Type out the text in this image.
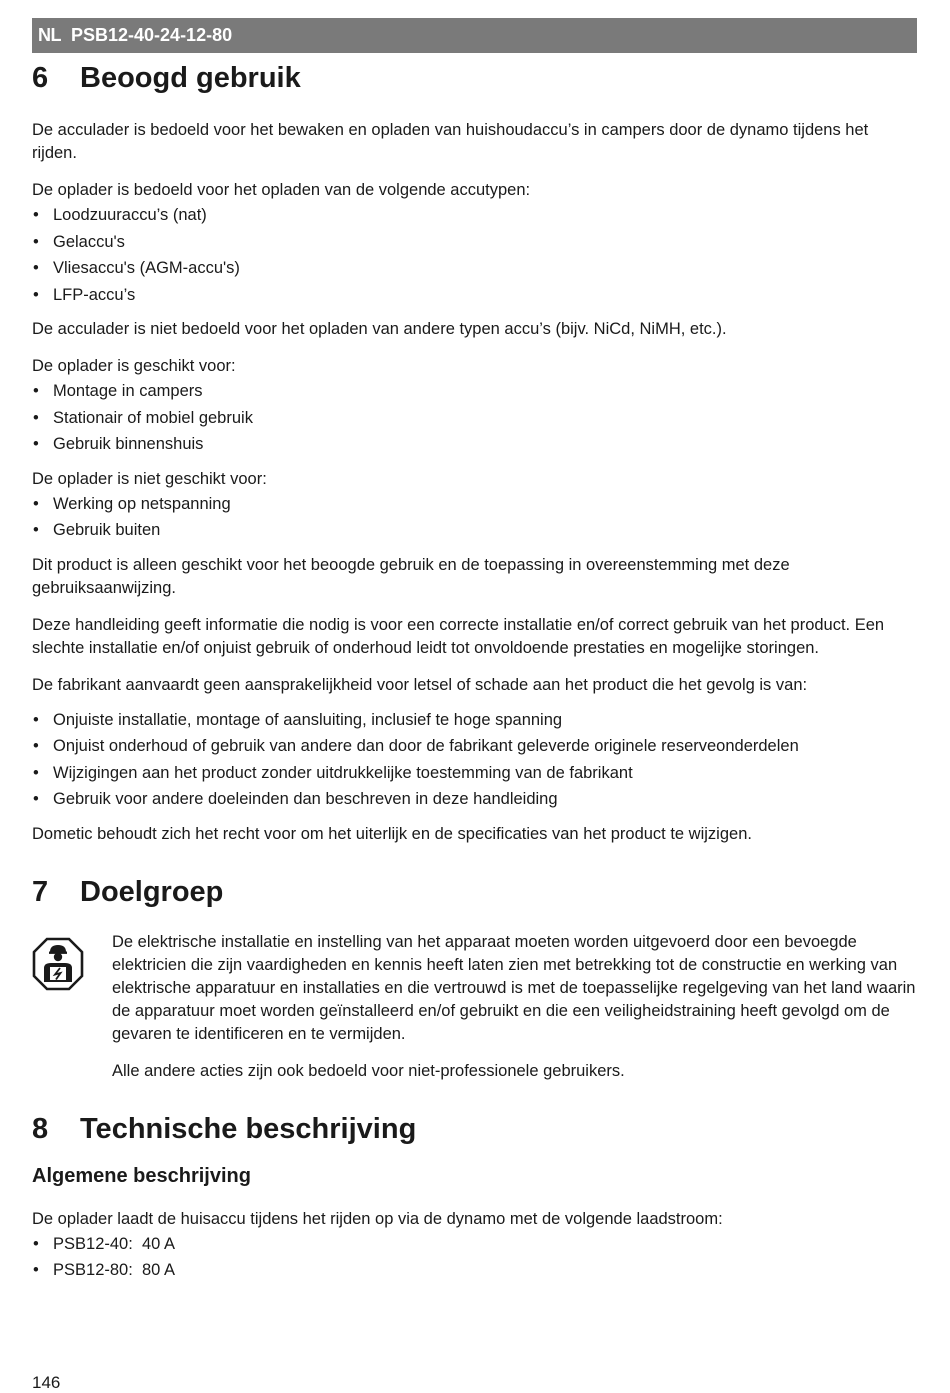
NL PSB12-40-24-12-80
6	Beoogd gebruik

De acculader is bedoeld voor het bewaken en opladen van huishoudaccu’s in campers door de dynamo tijdens het rijden.

De oplader is bedoeld voor het opladen van de volgende accutypen:

• Loodzuuraccu’s (nat)
• Gelaccu's
• Vliesaccu's (AGM-accu's)
• LFP-accu’s

De acculader is niet bedoeld voor het opladen van andere typen accu’s (bijv. NiCd, NiMH, etc.).

De oplader is geschikt voor:

• Montage in campers
• Stationair of mobiel gebruik
• Gebruik binnenshuis

De oplader is niet geschikt voor:

• Werking op netspanning
• Gebruik buiten

Dit product is alleen geschikt voor het beoogde gebruik en de toepassing in overeenstemming met deze gebruiksaanwijzing.

Deze handleiding geeft informatie die nodig is voor een correcte installatie en/of correct gebruik van het product. Een slechte installatie en/of onjuist gebruik of onderhoud leidt tot onvoldoende prestaties en mogelijke storingen.

De fabrikant aanvaardt geen aansprakelijkheid voor letsel of schade aan het product die het gevolg is van:

• Onjuiste installatie, montage of aansluiting, inclusief te hoge spanning
• Onjuist onderhoud of gebruik van andere dan door de fabrikant geleverde originele reserveonderdelen
• Wijzigingen aan het product zonder uitdrukkelijke toestemming van de fabrikant
• Gebruik voor andere doeleinden dan beschreven in deze handleiding

Dometic behoudt zich het recht voor om het uiterlijk en de specificaties van het product te wijzigen.

7	Doelgroep

De elektrische installatie en instelling van het apparaat moeten worden uitgevoerd door een bevoegde elektricien die zijn vaardigheden en kennis heeft laten zien met betrekking tot de constructie en werking van elektrische apparatuur en installaties en die vertrouwd is met de toepasselijke regelgeving van het land waarin de apparatuur moet worden geïnstalleerd en/of gebruikt en die een veiligheidstraining heeft gevolgd om de gevaren te identificeren en te vermijden.

Alle andere acties zijn ook bedoeld voor niet-professionele gebruikers.

8	Technische beschrijving
Algemene beschrijving

De oplader laadt de huisaccu tijdens het rijden op via de dynamo met de volgende laadstroom:

• PSB12-40:  40 A
• PSB12-80:  80 A
146
